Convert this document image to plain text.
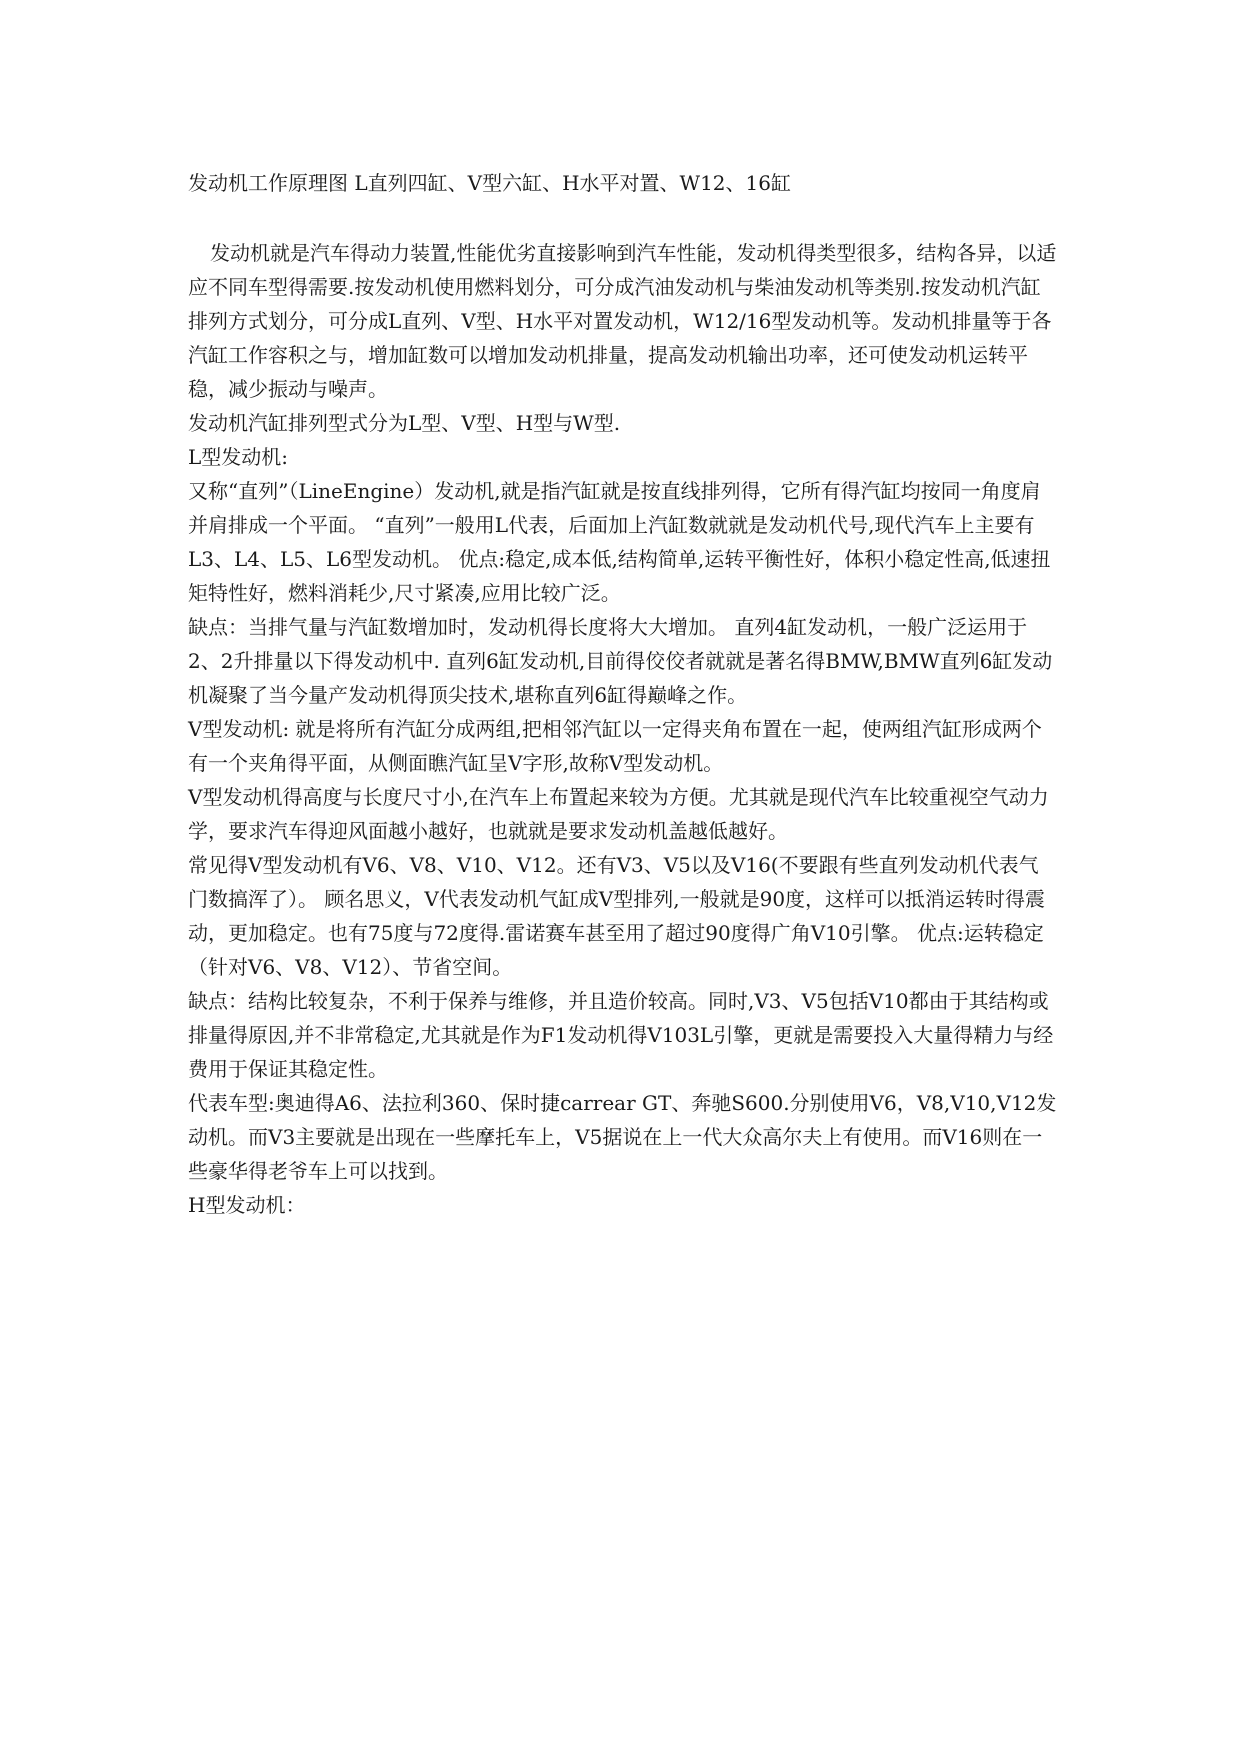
发动机工作原理图 L直列四缸、V型六缸、H水平对置、W12、16缸

发动机就是汽车得动力装置,性能优劣直接影响到汽车性能，发动机得类型很多，结构各异，以适应不同车型得需要.按发动机使用燃料划分，可分成汽油发动机与柴油发动机等类别.按发动机汽缸排列方式划分，可分成L直列、V型、H水平对置发动机，W12/16型发动机等。发动机排量等于各汽缸工作容积之与，增加缸数可以增加发动机排量，提高发动机输出功率，还可使发动机运转平稳，减少振动与噪声。

发动机汽缸排列型式分为L型、V型、H型与W型.

L型发动机:

又称“直列”（LineEngine）发动机,就是指汽缸就是按直线排列得，它所有得汽缸均按同一角度肩并肩排成一个平面。 “直列”一般用L代表，后面加上汽缸数就就是发动机代号,现代汽车上主要有L3、L4、L5、L6型发动机。 优点:稳定,成本低,结构简单,运转平衡性好，体积小稳定性高,低速扭矩特性好，燃料消耗少,尺寸紧凑,应用比较广泛。

缺点：当排气量与汽缸数增加时，发动机得长度将大大增加。 直列4缸发动机，一般广泛运用于2、2升排量以下得发动机中. 直列6缸发动机,目前得佼佼者就就是著名得BMW,BMW直列6缸发动机凝聚了当今量产发动机得顶尖技术,堪称直列6缸得巅峰之作。

V型发动机: 就是将所有汽缸分成两组,把相邻汽缸以一定得夹角布置在一起，使两组汽缸形成两个有一个夹角得平面，从侧面瞧汽缸呈V字形,故称V型发动机。

V型发动机得高度与长度尺寸小,在汽车上布置起来较为方便。尤其就是现代汽车比较重视空气动力学，要求汽车得迎风面越小越好，也就就是要求发动机盖越低越好。

常见得V型发动机有V6、V8、V10、V12。还有V3、V5以及V16(不要跟有些直列发动机代表气门数搞浑了）。 顾名思义，V代表发动机气缸成V型排列,一般就是90度，这样可以抵消运转时得震动，更加稳定。也有75度与72度得.雷诺赛车甚至用了超过90度得广角V10引擎。 优点:运转稳定（针对V6、V8、V12）、节省空间。

缺点：结构比较复杂，不利于保养与维修，并且造价较高。同时,V3、V5包括V10都由于其结构或排量得原因,并不非常稳定,尤其就是作为F1发动机得V103L引擎，更就是需要投入大量得精力与经费用于保证其稳定性。

代表车型:奥迪得A6、法拉利360、保时捷carrear GT、奔驰S600.分别使用V6，V8,V10,V12发动机。而V3主要就是出现在一些摩托车上，V5据说在上一代大众高尔夫上有使用。而V16则在一些豪华得老爷车上可以找到。

H型发动机：
